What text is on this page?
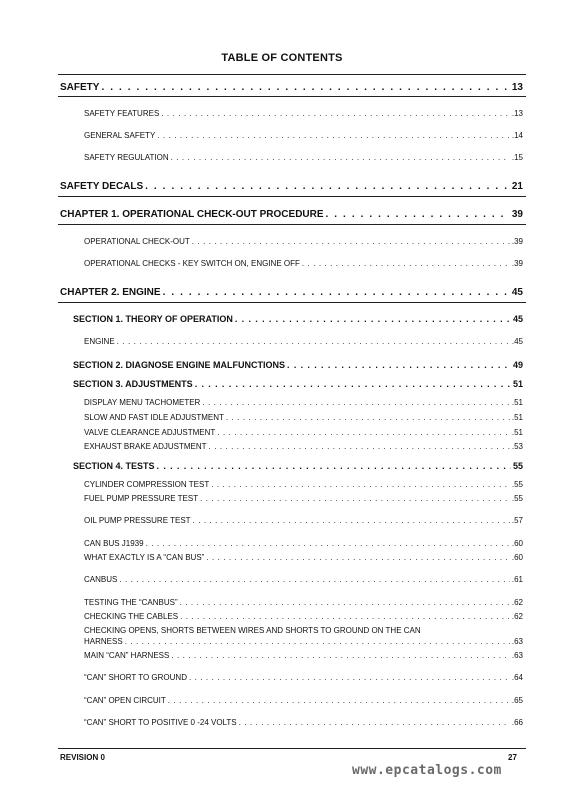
TABLE OF CONTENTS
SAFETY . . .	13
SAFETY FEATURES . . .	.13
GENERAL SAFETY . . .	.14
SAFETY REGULATION . . .	.15
SAFETY DECALS . . .	21
CHAPTER 1. OPERATIONAL CHECK-OUT PROCEDURE . . .	39
OPERATIONAL CHECK-OUT . . .	.39
OPERATIONAL CHECKS - KEY SWITCH ON, ENGINE OFF . . .	.39
CHAPTER 2. ENGINE . . .	45
SECTION 1. THEORY OF OPERATION . . .	45
ENGINE . . .	.45
SECTION 2. DIAGNOSE ENGINE MALFUNCTIONS . . .	49
SECTION 3. ADJUSTMENTS . . .	51
DISPLAY MENU TACHOMETER . . .	.51
SLOW AND FAST IDLE ADJUSTMENT . . .	.51
VALVE CLEARANCE ADJUSTMENT . . .	.51
EXHAUST BRAKE ADJUSTMENT . . .	.53
SECTION 4. TESTS . . .	55
CYLINDER COMPRESSION TEST . . .	.55
FUEL PUMP PRESSURE TEST . . .	.55
OIL PUMP PRESSURE TEST . . .	.57
CAN BUS J1939 . . .	.60
WHAT EXACTLY IS A “CAN BUS” . . .	.60
CANBUS . . .	.61
TESTING THE “CANBUS” . . .	.62
CHECKING THE CABLES . . .	.62
CHECKING OPENS, SHORTS BETWEEN WIRES AND SHORTS TO GROUND ON THE CAN
HARNESS . . .	.63
MAIN “CAN” HARNESS . . .	.63
“CAN” SHORT TO GROUND . . .	.64
“CAN” OPEN CIRCUIT . . .	.65
“CAN” SHORT TO POSITIVE 0 -24 VOLTS . . .	.66
REVISION 0	27
www.epcatalogs.com
